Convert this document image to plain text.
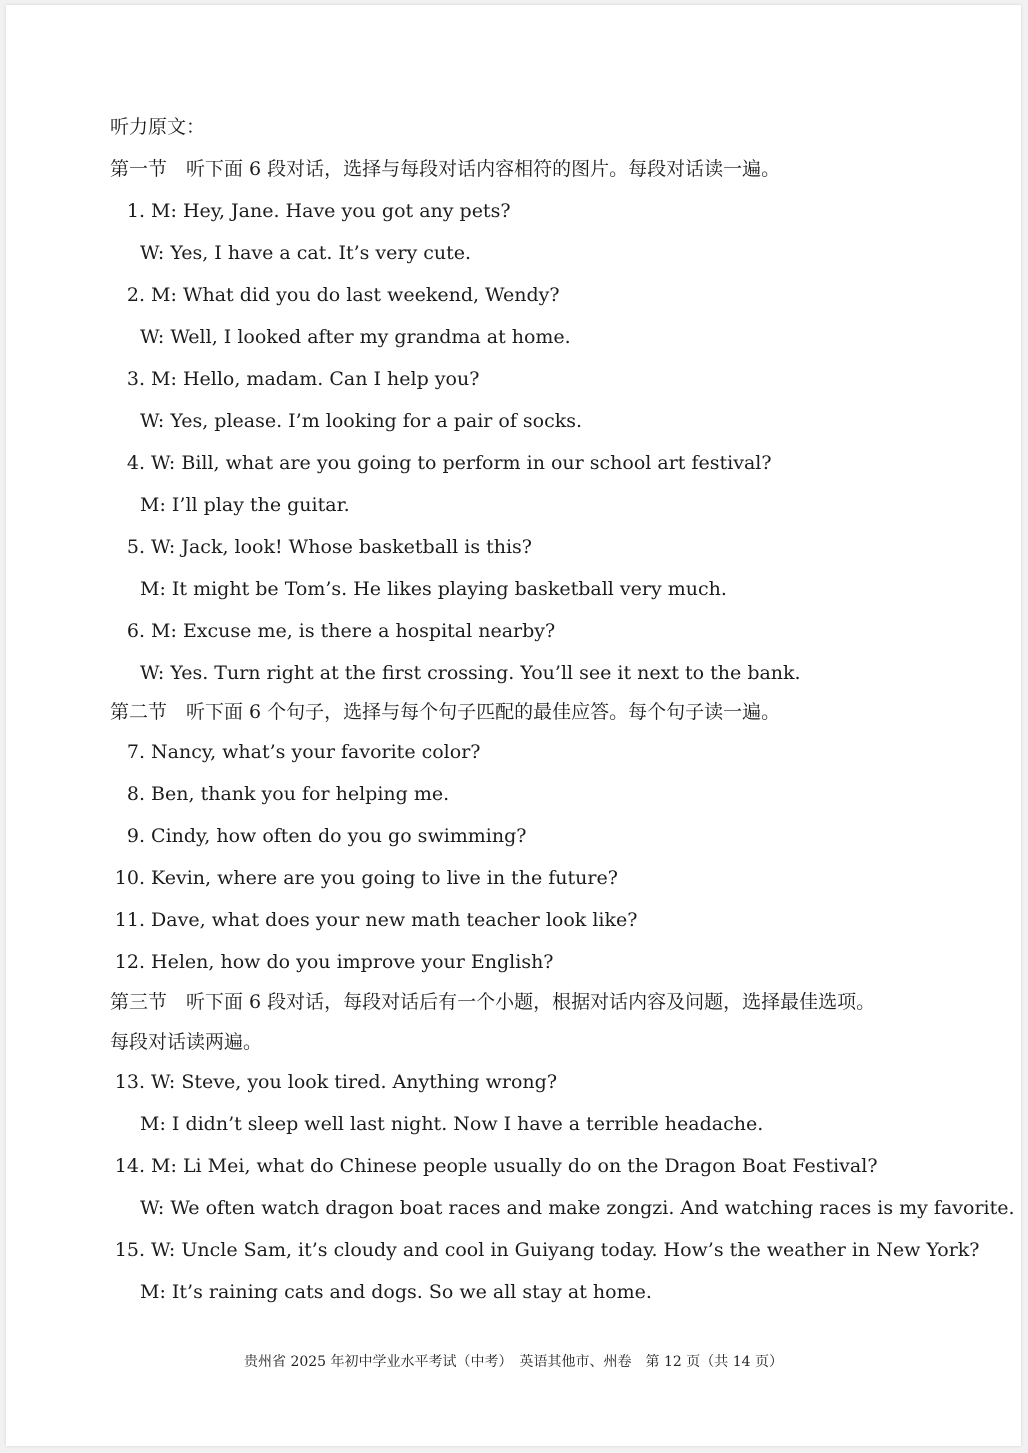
听力原文：
第一节　听下面 6 段对话，选择与每段对话内容相符的图片。每段对话读一遍。
1. M: Hey, Jane. Have you got any pets?
W: Yes, I have a cat. It’s very cute.
2. M: What did you do last weekend, Wendy?
W: Well, I looked after my grandma at home.
3. M: Hello, madam. Can I help you?
W: Yes, please. I’m looking for a pair of socks.
4. W: Bill, what are you going to perform in our school art festival?
M: I’ll play the guitar.
5. W: Jack, look! Whose basketball is this?
M: It might be Tom’s. He likes playing basketball very much.
6. M: Excuse me, is there a hospital nearby?
W: Yes. Turn right at the first crossing. You’ll see it next to the bank.
第二节　听下面 6 个句子，选择与每个句子匹配的最佳应答。每个句子读一遍。
7. Nancy, what’s your favorite color?
8. Ben, thank you for helping me.
9. Cindy, how often do you go swimming?
10. Kevin, where are you going to live in the future?
11. Dave, what does your new math teacher look like?
12. Helen, how do you improve your English?
第三节　听下面 6 段对话，每段对话后有一个小题，根据对话内容及问题，选择最佳选项。
每段对话读两遍。
13. W: Steve, you look tired. Anything wrong?
M: I didn’t sleep well last night. Now I have a terrible headache.
14. M: Li Mei, what do Chinese people usually do on the Dragon Boat Festival?
W: We often watch dragon boat races and make zongzi. And watching races is my favorite.
15. W: Uncle Sam, it’s cloudy and cool in Guiyang today. How’s the weather in New York?
M: It’s raining cats and dogs. So we all stay at home.
贵州省 2025 年初中学业水平考试（中考）　英语其他市、州卷　第 12 页（共 14 页）
